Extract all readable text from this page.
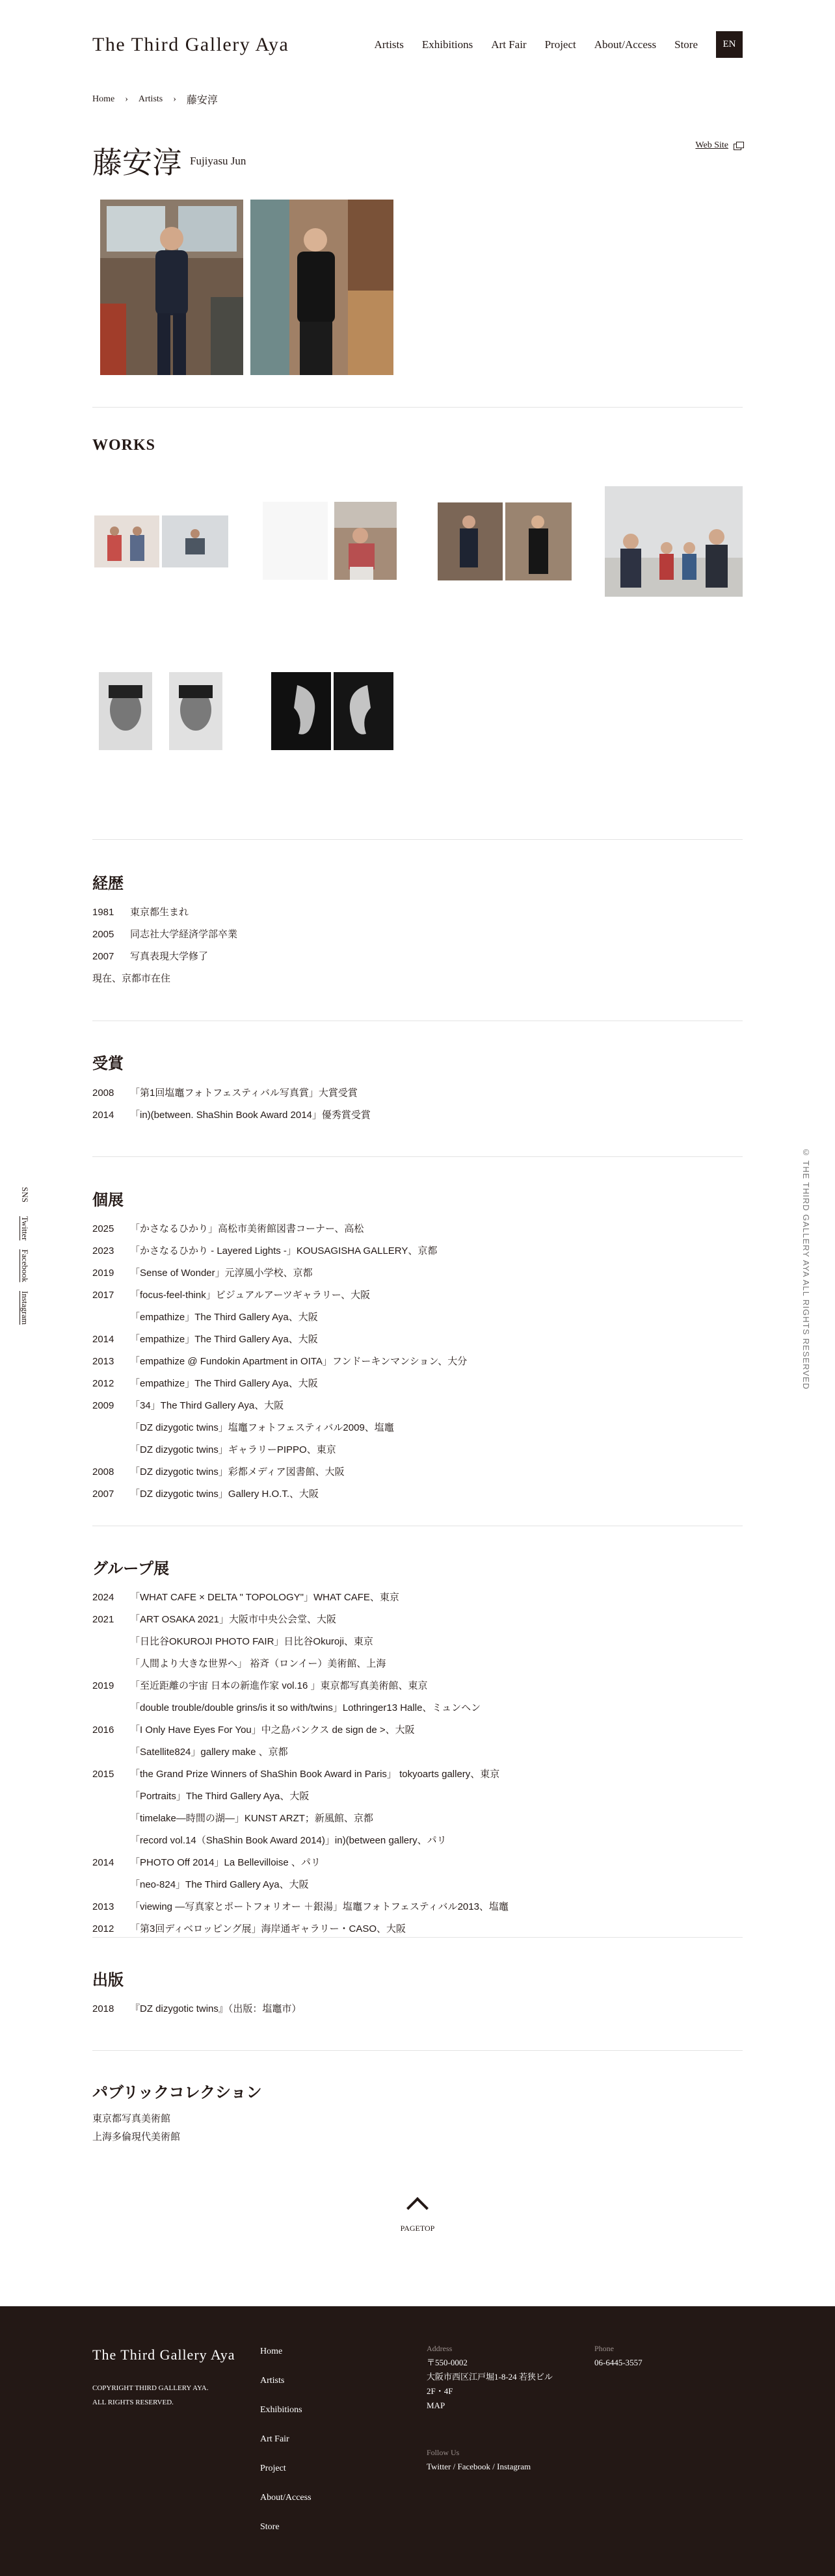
The Third Gallery Aya	Artists Exhibitions Art Fair Project About/Access Store	EN
Home › Artists › 藤安淳
藤安淳 Fujiyasu Jun
Web Site
WORKS
経歴
1981	東京都生まれ
2005	同志社大学経済学部卒業
2007	写真表現大学修了
現在、京都市在住
受賞
2008	「第1回塩竈フォトフェスティバル写真賞」大賞受賞
2014	「in)(between. ShaShin Book Award 2014」優秀賞受賞
個展
2025	「かさなるひかり」高松市美術館図書コーナー、高松
2023	「かさなるひかり - Layered Lights -」KOUSAGISHA GALLERY、京都
2019	「Sense of Wonder」元淳風小学校、京都
2017	「focus-feel-think」ビジュアルアーツギャラリー、大阪
「empathize」The Third Gallery Aya、大阪
2014	「empathize」The Third Gallery Aya、大阪
2013	「empathize @ Fundokin Apartment in OITA」フンドーキンマンション、大分
2012	「empathize」The Third Gallery Aya、大阪
2009	「34」The Third Gallery Aya、大阪
「DZ dizygotic twins」塩竈フォトフェスティバル2009、塩竈
「DZ dizygotic twins」ギャラリーPIPPO、東京
2008	「DZ dizygotic twins」彩都メディア図書館、大阪
2007	「DZ dizygotic twins」Gallery H.O.T.、大阪
グループ展
2024	「WHAT CAFE × DELTA " TOPOLOGY"」WHAT CAFE、東京
2021	「ART OSAKA 2021」大阪市中央公会堂、大阪
「日比谷OKUROJI PHOTO FAIR」日比谷Okuroji、東京
「人間より大きな世界へ」 裕斉（ロンイー）美術館、上海
2019	「至近距離の宇宙 日本の新進作家 vol.16 」東京都写真美術館、東京
「double trouble/double grins/is it so with/twins」Lothringer13 Halle、ミュンヘン
2016	「I Only Have Eyes For You」中之島バンクス de sign de >、大阪
「Satellite824」gallery make 、京都
2015	「the Grand Prize Winners of ShaShin Book Award in Paris」 tokyoarts gallery、東京
「Portraits」The Third Gallery Aya、大阪
「timelake—時間の湖—」KUNST ARZT；新風館、京都
「record vol.14（ShaShin Book Award 2014)」in)(between gallery、パリ
2014	「PHOTO Off 2014」La Bellevilloise 、パリ
「neo-824」The Third Gallery Aya、大阪
2013	「viewing —写真家とポートフォリオー ＋銀湯」塩竈フォトフェスティバル2013、塩竈
2012	「第3回ディベロッピング展」海岸通ギャラリー・CASO、大阪
出版
2018	『DZ dizygotic twins』（出版：塩竈市）
パブリックコレクション
東京都写真美術館
上海多倫現代美術館
SNS Twitter Facebook Instagram	© THE THIRD GALLERY AYA ALL RIGHTS RESERVED
PAGETOP
The Third Gallery Aya
COPYRIGHT THIRD GALLERY AYA.
ALL RIGHTS RESERVED.
Home
Artists
Exhibitions
Art Fair
Project
About/Access
Store
Address
〒550-0002
大阪市西区江戸堀1-8-24 若狭ビル
2F・4F
MAP
Follow Us
Twitter / Facebook / Instagram
Phone
06-6445-3557
